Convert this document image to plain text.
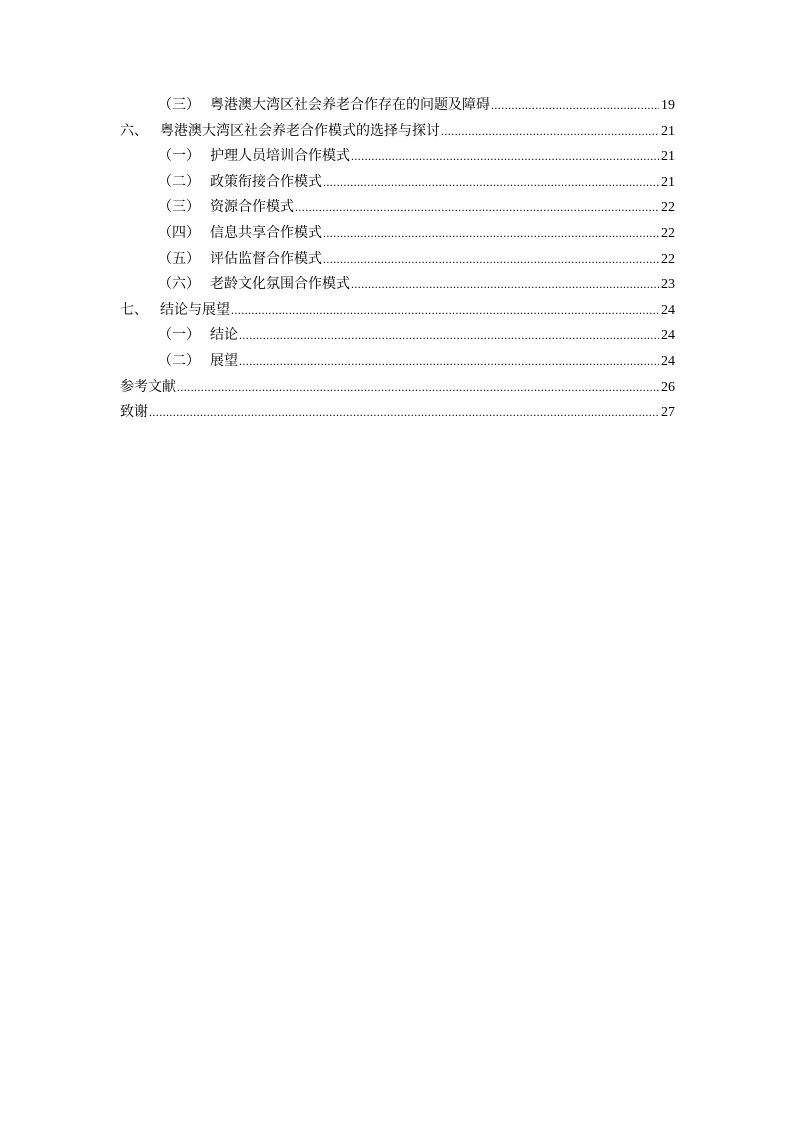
（三） 粤港澳大湾区社会养老合作存在的问题及障碍 .....	19
六、 粤港澳大湾区社会养老合作模式的选择与探讨 .....	21
（一） 护理人员培训合作模式 .....	21
（二） 政策衔接合作模式 .....	21
（三） 资源合作模式 .....	22
（四） 信息共享合作模式 .....	22
（五） 评估监督合作模式 .....	22
（六） 老龄文化氛围合作模式 .....	23
七、 结论与展望 .....	24
（一） 结论 .....	24
（二） 展望 .....	24
参考文献 .....	26
致谢 .....	27
